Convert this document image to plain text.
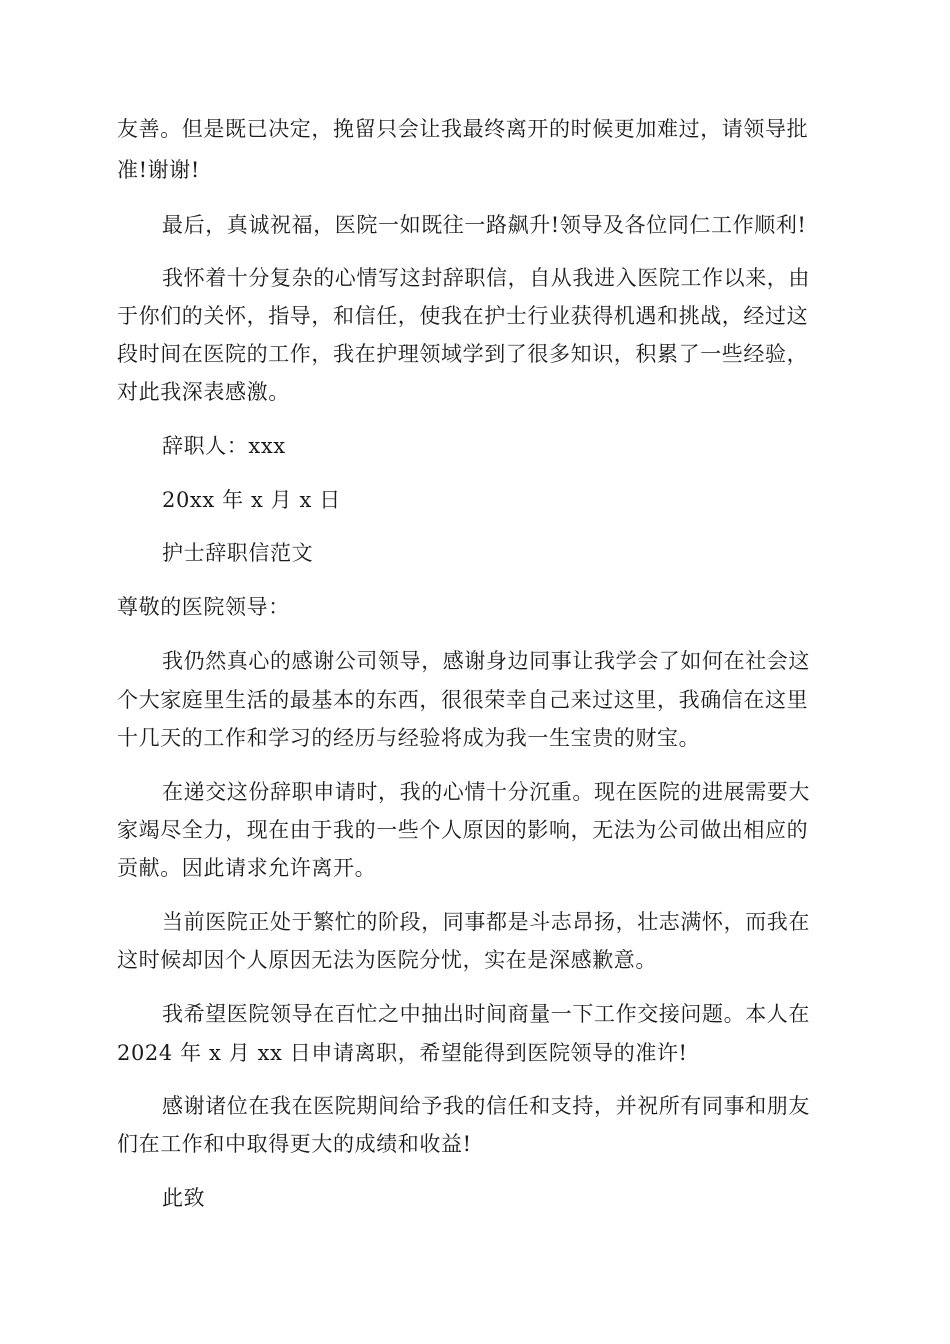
友善。但是既已决定，挽留只会让我最终离开的时候更加难过，请领导批
准!谢谢!
最后，真诚祝福，医院一如既往一路飙升!领导及各位同仁工作顺利!
我怀着十分复杂的心情写这封辞职信，自从我进入医院工作以来，由
于你们的关怀，指导，和信任，使我在护士行业获得机遇和挑战，经过这
段时间在医院的工作，我在护理领域学到了很多知识，积累了一些经验，
对此我深表感激。
辞职人：xxx
20xx 年 x 月 x 日
护士辞职信范文
尊敬的医院领导：
我仍然真心的感谢公司领导，感谢身边同事让我学会了如何在社会这
个大家庭里生活的最基本的东西，很很荣幸自己来过这里，我确信在这里
十几天的工作和学习的经历与经验将成为我一生宝贵的财宝。
在递交这份辞职申请时，我的心情十分沉重。现在医院的进展需要大
家竭尽全力，现在由于我的一些个人原因的影响，无法为公司做出相应的
贡献。因此请求允许离开。
当前医院正处于繁忙的阶段，同事都是斗志昂扬，壮志满怀，而我在
这时候却因个人原因无法为医院分忧，实在是深感歉意。
我希望医院领导在百忙之中抽出时间商量一下工作交接问题。本人在
2024 年 x 月 xx 日申请离职，希望能得到医院领导的准许!
感谢诸位在我在医院期间给予我的信任和支持，并祝所有同事和朋友
们在工作和中取得更大的成绩和收益!
此致
